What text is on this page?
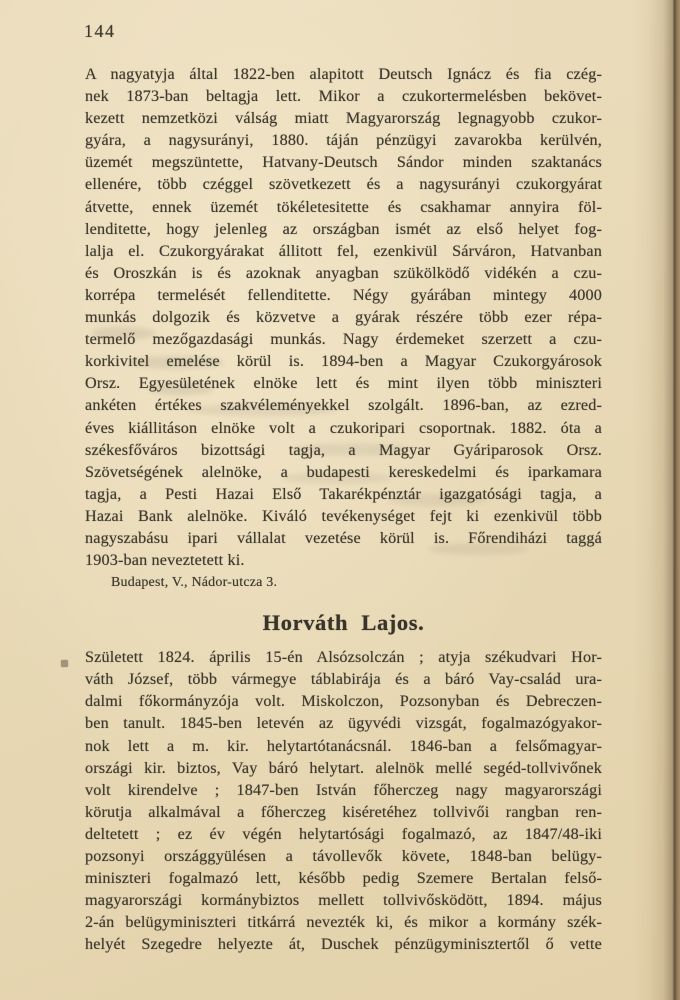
144
A nagyatyja által 1822-ben alapitott Deutsch Ignácz és fia czég-
nek 1873-ban beltagja lett. Mikor a czukortermelésben bekövet-
kezett nemzetközi válság miatt Magyarország legnagyobb czukor-
gyára, a nagysurányi, 1880. táján pénzügyi zavarokba kerülvén,
üzemét megszüntette, Hatvany-Deutsch Sándor minden szaktanács
ellenére, több czéggel szövetkezett és a nagysurányi czukorgyárat
átvette, ennek üzemét tökéletesitette és csakhamar annyira föl-
lenditette, hogy jelenleg az országban ismét az első helyet fog-
lalja el. Czukorgyárakat állitott fel, ezenkivül Sárváron, Hatvanban
és Oroszkán is és azoknak anyagban szükölködő vidékén a czu-
korrépa termelését fellenditette. Négy gyárában mintegy 4000
munkás dolgozik és közvetve a gyárak részére több ezer répa-
termelő mezőgazdasági munkás. Nagy érdemeket szerzett a czu-
korkivitel emelése körül is. 1894-ben a Magyar Czukorgyárosok
Orsz. Egyesületének elnöke lett és mint ilyen több miniszteri
ankéten értékes szakvéleményekkel szolgált. 1896-ban, az ezred-
éves kiállitáson elnöke volt a czukoripari csoportnak. 1882. óta a
székesfőváros bizottsági tagja, a Magyar Gyáriparosok Orsz.
Szövetségének alelnöke, a budapesti kereskedelmi és iparkamara
tagja, a Pesti Hazai Első Takarékpénztár igazgatósági tagja, a
Hazai Bank alelnöke. Kiváló tevékenységet fejt ki ezenkivül több
nagyszabásu ipari vállalat vezetése körül is. Főrendiházi taggá
1903-ban neveztetett ki.
Budapest, V., Nádor-utcza 3.
Horváth Lajos.
Született 1824. április 15-én Alsózsolczán ; atyja székudvari Hor-
váth József, több vármegye táblabirája és a báró Vay-család ura-
dalmi főkormányzója volt. Miskolczon, Pozsonyban és Debreczen-
ben tanult. 1845-ben letevén az ügyvédi vizsgát, fogalmazógyakor-
nok lett a m. kir. helytartótanácsnál. 1846-ban a felsőmagyar-
országi kir. biztos, Vay báró helytart. alelnök mellé segéd-tollvivőnek
volt kirendelve ; 1847-ben István főherczeg nagy magyarországi
körutja alkalmával a főherczeg kiséretéhez tollvivői rangban ren-
deltetett ; ez év végén helytartósági fogalmazó, az 1847/48-iki
pozsonyi országgyülésen a távollevők követe, 1848-ban belügy-
miniszteri fogalmazó lett, később pedig Szemere Bertalan felső-
magyarországi kormánybiztos mellett tollvivősködött, 1894. május
2-án belügyminiszteri titkárrá nevezték ki, és mikor a kormány szék-
helyét Szegedre helyezte át, Duschek pénzügyminisztertől ő vette
